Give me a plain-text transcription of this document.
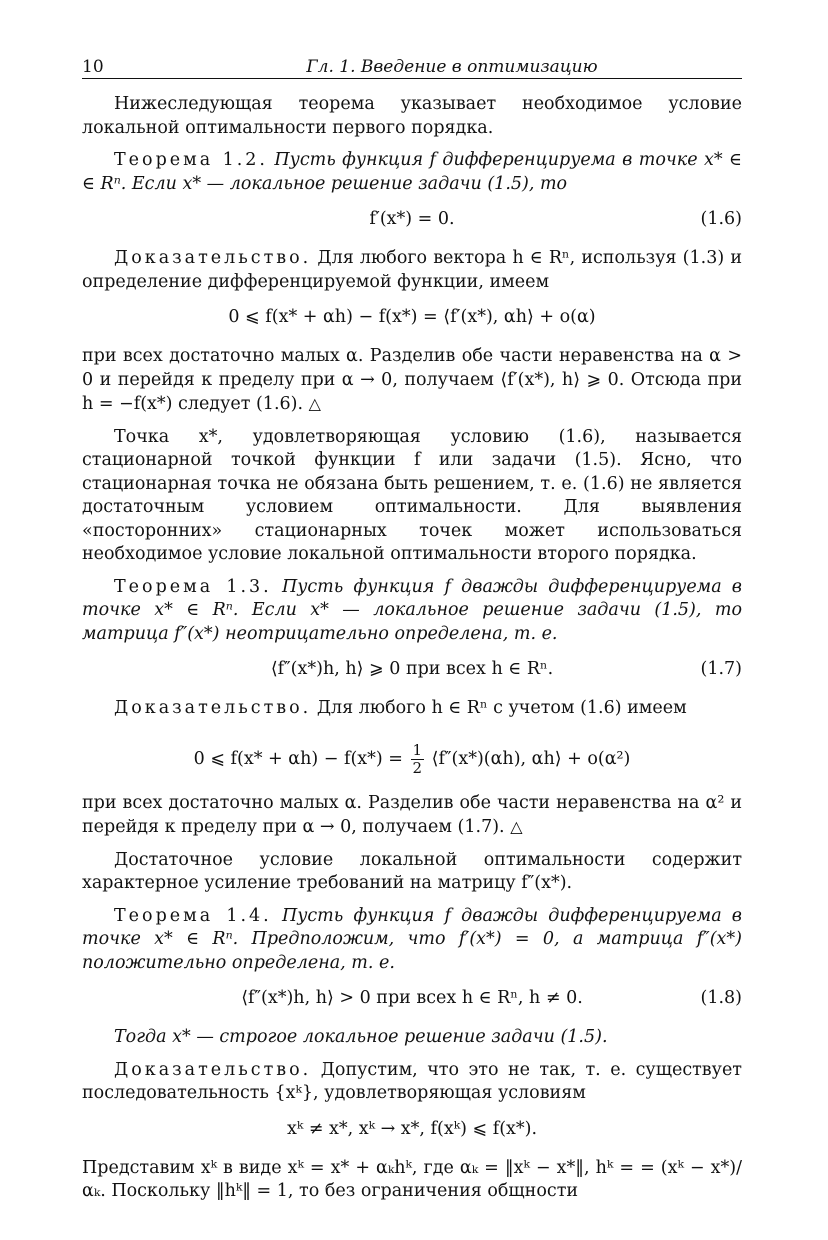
10	Гл. 1. Введение в оптимизацию

Нижеследующая теорема указывает необходимое условие локальной оптимальности первого порядка.

Теорема 1.2. Пусть функция f дифференцируема в точке x* ∈ ∈ Rⁿ. Если x* — локальное решение задачи (1.5), то

f′(x*) = 0.	(1.6)

Доказательство. Для любого вектора h ∈ Rⁿ, используя (1.3) и определение дифференцируемой функции, имеем

0 ⩽ f(x* + αh) − f(x*) = ⟨f′(x*), αh⟩ + o(α)

при всех достаточно малых α. Разделив обе части неравенства на α > 0 и перейдя к пределу при α → 0, получаем ⟨f′(x*), h⟩ ⩾ 0. Отсюда при h = −f(x*) следует (1.6). △

Точка x*, удовлетворяющая условию (1.6), называется стационарной точкой функции f или задачи (1.5). Ясно, что стационарная точка не обязана быть решением, т. е. (1.6) не является достаточным условием оптимальности. Для выявления «посторонних» стационарных точек может использоваться необходимое условие локальной оптимальности второго порядка.

Теорема 1.3. Пусть функция f дважды дифференцируема в точке x* ∈ Rⁿ. Если x* — локальное решение задачи (1.5), то матрица f″(x*) неотрицательно определена, т. е.

⟨f″(x*)h, h⟩ ⩾ 0 при всех h ∈ Rⁿ.	(1.7)

Доказательство. Для любого h ∈ Rⁿ с учетом (1.6) имеем

0 ⩽ $f(x* + \alpha h) - f(x*) = \frac{1}{2}$ ⟨f″(x*)(αh), αh⟩ + o(α²)

при всех достаточно малых α. Разделив обе части неравенства на α² и перейдя к пределу при α → 0, получаем (1.7). △

Достаточное условие локальной оптимальности содержит характерное усиление требований на матрицу f″(x*).

Теорема 1.4. Пусть функция f дважды дифференцируема в точке x* ∈ Rⁿ. Предположим, что f′(x*) = 0, а матрица f″(x*) положительно определена, т. е.

⟨f″(x*)h, h⟩ > 0 при всех h ∈ Rⁿ, h ≠ 0.	(1.8)

Тогда x* — строгое локальное решение задачи (1.5).

Доказательство. Допустим, что это не так, т. е. существует последовательность {xᵏ}, удовлетворяющая условиям

xᵏ ≠ x*, xᵏ → x*, f(xᵏ) ⩽ f(x*).

Представим xᵏ в виде xᵏ = x* + αₖhᵏ, где αₖ = ‖xᵏ − x*‖, hᵏ = = (xᵏ − x*)/αₖ. Поскольку ‖hᵏ‖ = 1, то без ограничения общности
